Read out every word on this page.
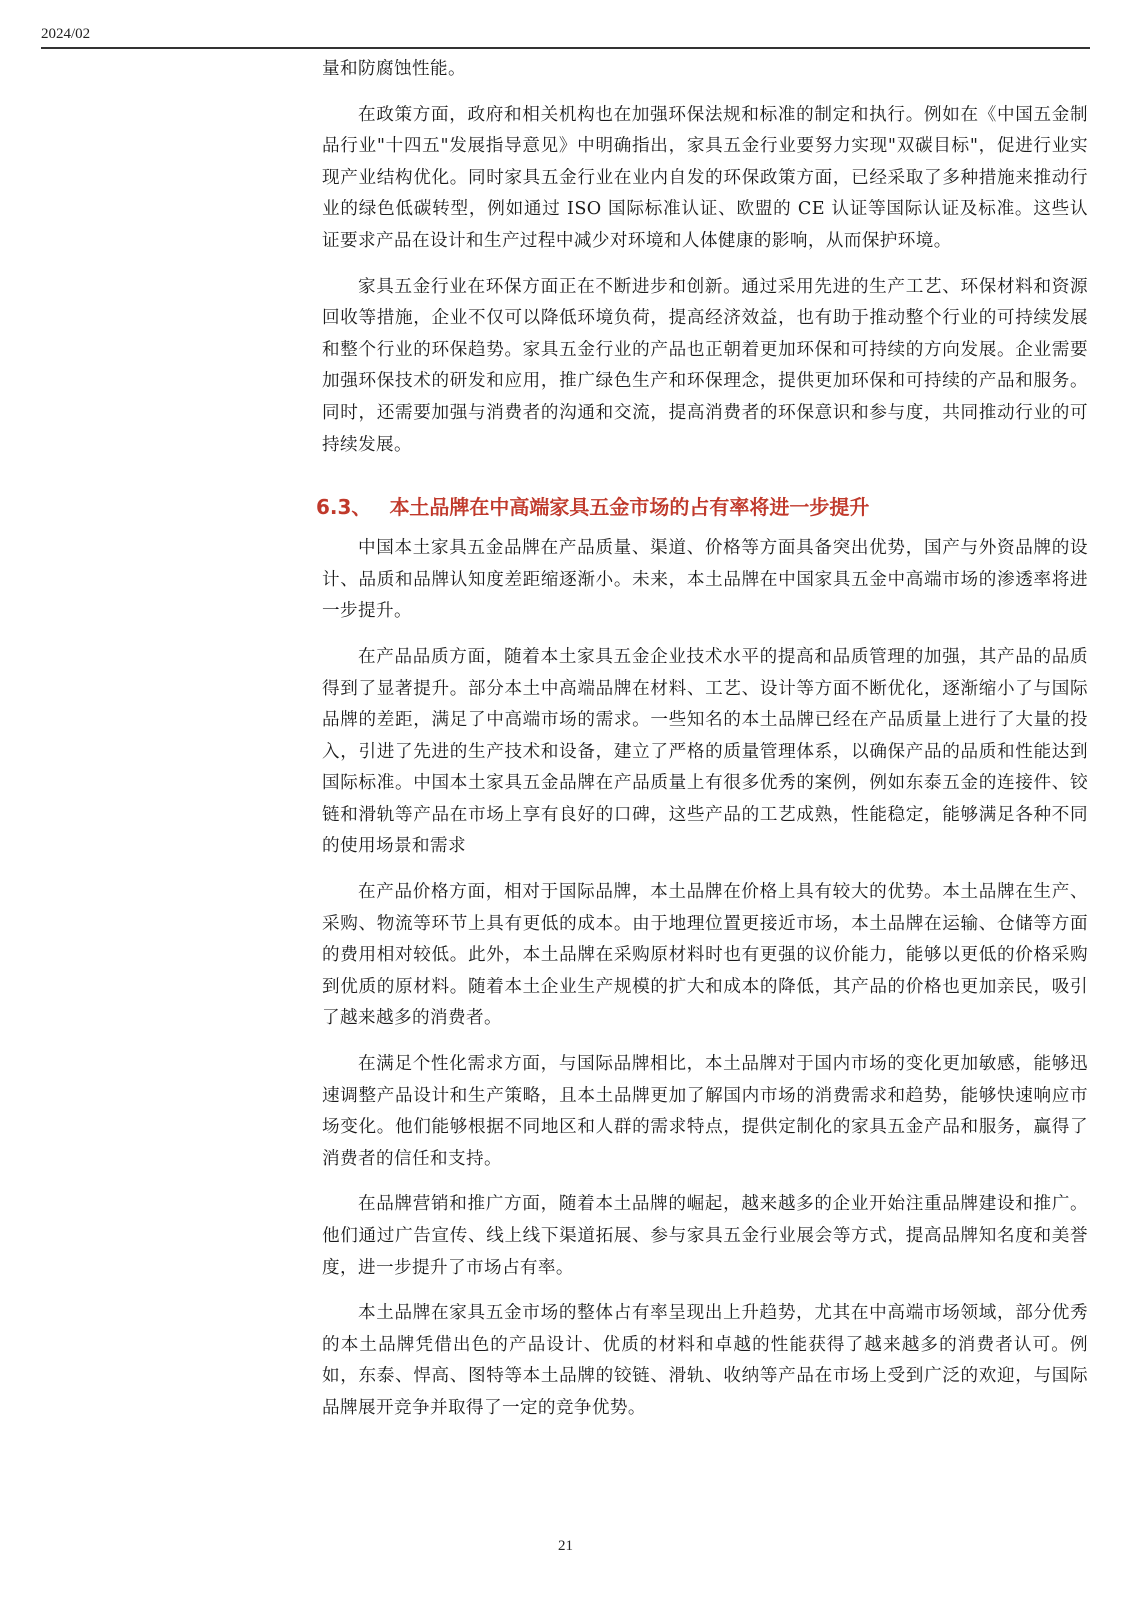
2024/02

量和防腐蚀性能。

在政策方面，政府和相关机构也在加强环保法规和标准的制定和执行。例如在《中国五金制品行业"十四五"发展指导意见》中明确指出，家具五金行业要努力实现"双碳目标"，促进行业实现产业结构优化。同时家具五金行业在业内自发的环保政策方面，已经采取了多种措施来推动行业的绿色低碳转型，例如通过 ISO 国际标准认证、欧盟的 CE 认证等国际认证及标准。这些认证要求产品在设计和生产过程中减少对环境和人体健康的影响，从而保护环境。

家具五金行业在环保方面正在不断进步和创新。通过采用先进的生产工艺、环保材料和资源回收等措施，企业不仅可以降低环境负荷，提高经济效益，也有助于推动整个行业的可持续发展和整个行业的环保趋势。家具五金行业的产品也正朝着更加环保和可持续的方向发展。企业需要加强环保技术的研发和应用，推广绿色生产和环保理念，提供更加环保和可持续的产品和服务。同时，还需要加强与消费者的沟通和交流，提高消费者的环保意识和参与度，共同推动行业的可持续发展。

6.3、 本土品牌在中高端家具五金市场的占有率将进一步提升

中国本土家具五金品牌在产品质量、渠道、价格等方面具备突出优势，国产与外资品牌的设计、品质和品牌认知度差距缩逐渐小。未来，本土品牌在中国家具五金中高端市场的渗透率将进一步提升。

在产品品质方面，随着本土家具五金企业技术水平的提高和品质管理的加强，其产品的品质得到了显著提升。部分本土中高端品牌在材料、工艺、设计等方面不断优化，逐渐缩小了与国际品牌的差距，满足了中高端市场的需求。一些知名的本土品牌已经在产品质量上进行了大量的投入，引进了先进的生产技术和设备，建立了严格的质量管理体系，以确保产品的品质和性能达到国际标准。中国本土家具五金品牌在产品质量上有很多优秀的案例，例如东泰五金的连接件、铰链和滑轨等产品在市场上享有良好的口碑，这些产品的工艺成熟，性能稳定，能够满足各种不同的使用场景和需求

在产品价格方面，相对于国际品牌，本土品牌在价格上具有较大的优势。本土品牌在生产、采购、物流等环节上具有更低的成本。由于地理位置更接近市场，本土品牌在运输、仓储等方面的费用相对较低。此外，本土品牌在采购原材料时也有更强的议价能力，能够以更低的价格采购到优质的原材料。随着本土企业生产规模的扩大和成本的降低，其产品的价格也更加亲民，吸引了越来越多的消费者。

在满足个性化需求方面，与国际品牌相比，本土品牌对于国内市场的变化更加敏感，能够迅速调整产品设计和生产策略，且本土品牌更加了解国内市场的消费需求和趋势，能够快速响应市场变化。他们能够根据不同地区和人群的需求特点，提供定制化的家具五金产品和服务，赢得了消费者的信任和支持。

在品牌营销和推广方面，随着本土品牌的崛起，越来越多的企业开始注重品牌建设和推广。他们通过广告宣传、线上线下渠道拓展、参与家具五金行业展会等方式，提高品牌知名度和美誉度，进一步提升了市场占有率。

本土品牌在家具五金市场的整体占有率呈现出上升趋势，尤其在中高端市场领域，部分优秀的本土品牌凭借出色的产品设计、优质的材料和卓越的性能获得了越来越多的消费者认可。例如，东泰、悍高、图特等本土品牌的铰链、滑轨、收纳等产品在市场上受到广泛的欢迎，与国际品牌展开竞争并取得了一定的竞争优势。

21
